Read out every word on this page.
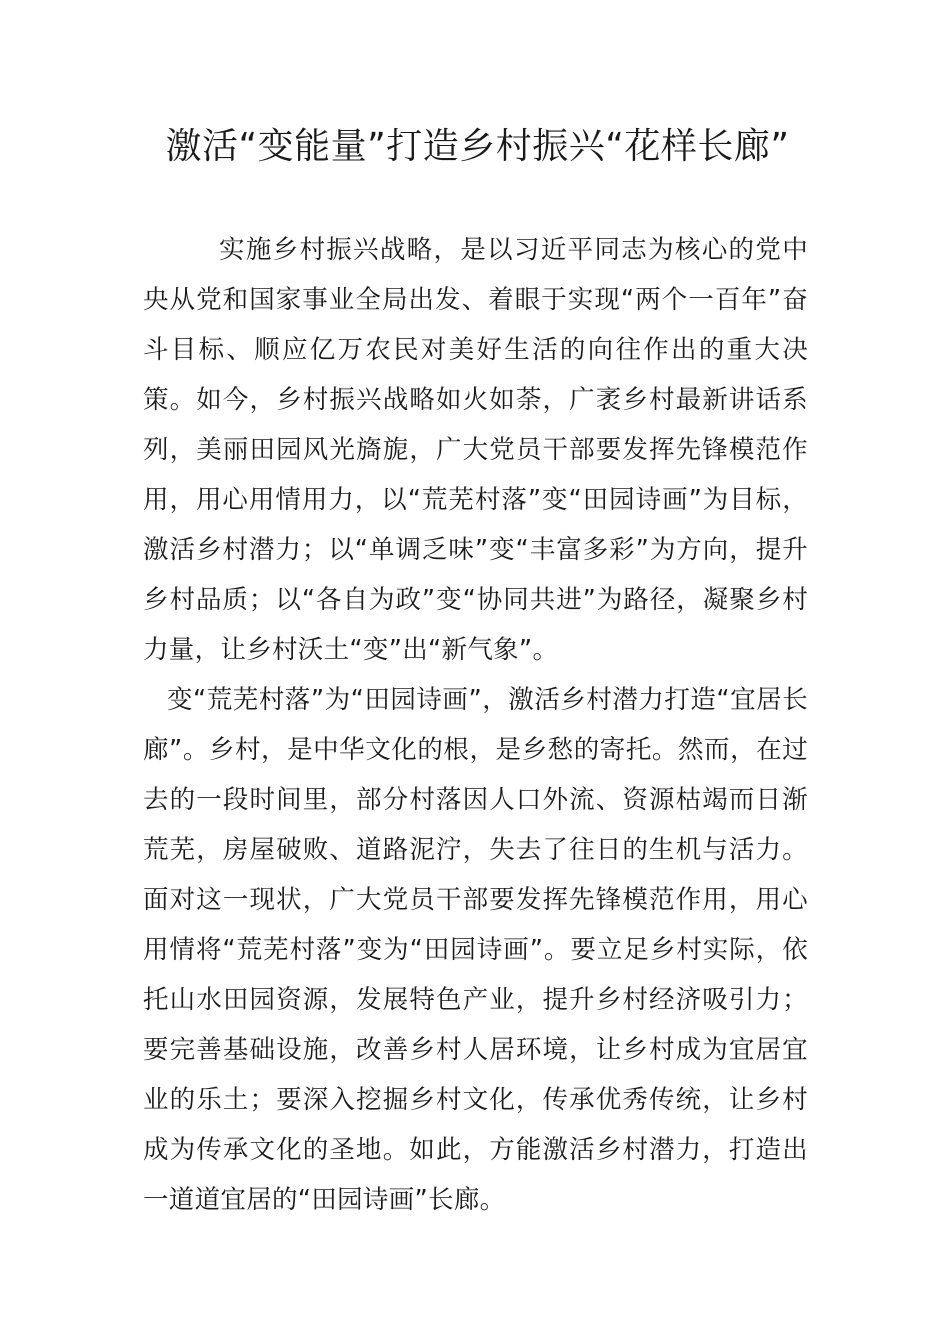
激活“变能量”打造乡村振兴“花样长廊”

实施乡村振兴战略，是以习近平同志为核心的党中央从党和国家事业全局出发、着眼于实现“两个一百年”奋斗目标、顺应亿万农民对美好生活的向往作出的重大决策。如今，乡村振兴战略如火如荼，广袤乡村最新讲话系列，美丽田园风光旖旎，广大党员干部要发挥先锋模范作用，用心用情用力，以“荒芜村落”变“田园诗画”为目标，激活乡村潜力；以“单调乏味”变“丰富多彩”为方向，提升乡村品质；以“各自为政”变“协同共进”为路径，凝聚乡村力量，让乡村沃土“变”出“新气象”。

变“荒芜村落”为“田园诗画”，激活乡村潜力打造“宜居长廊”。乡村，是中华文化的根，是乡愁的寄托。然而，在过去的一段时间里，部分村落因人口外流、资源枯竭而日渐荒芜，房屋破败、道路泥泞，失去了往日的生机与活力。面对这一现状，广大党员干部要发挥先锋模范作用，用心用情将“荒芜村落”变为“田园诗画”。要立足乡村实际，依托山水田园资源，发展特色产业，提升乡村经济吸引力；要完善基础设施，改善乡村人居环境，让乡村成为宜居宜业的乐土；要深入挖掘乡村文化，传承优秀传统，让乡村成为传承文化的圣地。如此，方能激活乡村潜力，打造出一道道宜居的“田园诗画”长廊。
